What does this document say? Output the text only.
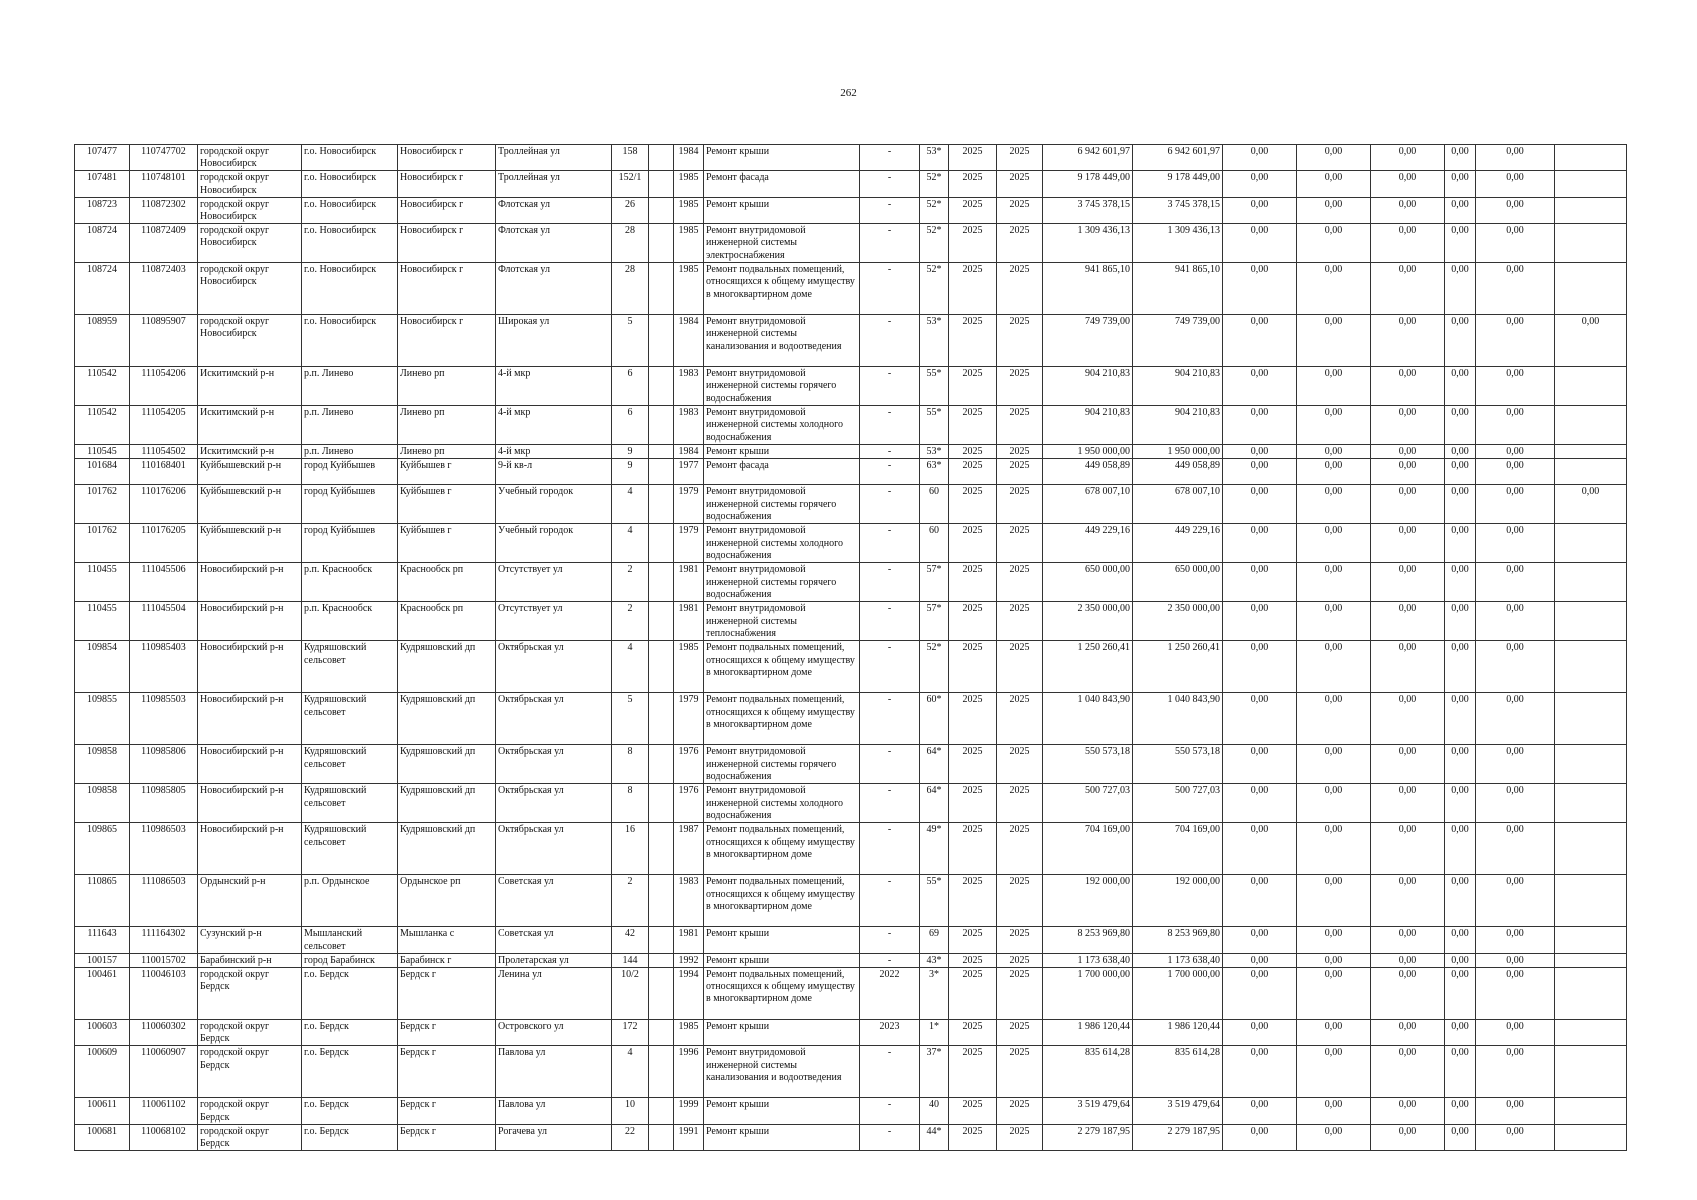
262
107477	110747702	городской округ Новосибирск	г.о. Новосибирск	Новосибирск г	Троллейная ул	158		1984	Ремонт крыши	-	53*	2025	2025	6 942 601,97	6 942 601,97	0,00	0,00	0,00	0,00	0,00	
107481	110748101	городской округ Новосибирск	г.о. Новосибирск	Новосибирск г	Троллейная ул	152/1		1985	Ремонт фасада	-	52*	2025	2025	9 178 449,00	9 178 449,00	0,00	0,00	0,00	0,00	0,00	
108723	110872302	городской округ Новосибирск	г.о. Новосибирск	Новосибирск г	Флотская ул	26		1985	Ремонт крыши	-	52*	2025	2025	3 745 378,15	3 745 378,15	0,00	0,00	0,00	0,00	0,00	
108724	110872409	городской округ Новосибирск	г.о. Новосибирск	Новосибирск г	Флотская ул	28		1985	Ремонт внутридомовой инженерной системы электроснабжения	-	52*	2025	2025	1 309 436,13	1 309 436,13	0,00	0,00	0,00	0,00	0,00	
108724	110872403	городской округ Новосибирск	г.о. Новосибирск	Новосибирск г	Флотская ул	28		1985	Ремонт подвальных помещений, относящихся к общему имуществу в многоквартирном доме	-	52*	2025	2025	941 865,10	941 865,10	0,00	0,00	0,00	0,00	0,00	
108959	110895907	городской округ Новосибирск	г.о. Новосибирск	Новосибирск г	Широкая ул	5		1984	Ремонт внутридомовой инженерной системы канализования и водоотведения	-	53*	2025	2025	749 739,00	749 739,00	0,00	0,00	0,00	0,00	0,00	0,00
110542	111054206	Искитимский р-н	р.п. Линево	Линево рп	4-й мкр	6		1983	Ремонт внутридомовой инженерной системы горячего водоснабжения	-	55*	2025	2025	904 210,83	904 210,83	0,00	0,00	0,00	0,00	0,00	
110542	111054205	Искитимский р-н	р.п. Линево	Линево рп	4-й мкр	6		1983	Ремонт внутридомовой инженерной системы холодного водоснабжения	-	55*	2025	2025	904 210,83	904 210,83	0,00	0,00	0,00	0,00	0,00	
110545	111054502	Искитимский р-н	р.п. Линево	Линево рп	4-й мкр	9		1984	Ремонт крыши	-	53*	2025	2025	1 950 000,00	1 950 000,00	0,00	0,00	0,00	0,00	0,00	
101684	110168401	Куйбышевский р-н	город Куйбышев	Куйбышев г	9-й кв-л	9		1977	Ремонт фасада	-	63*	2025	2025	449 058,89	449 058,89	0,00	0,00	0,00	0,00	0,00	
101762	110176206	Куйбышевский р-н	город Куйбышев	Куйбышев г	Учебный городок	4		1979	Ремонт внутридомовой инженерной системы горячего водоснабжения	-	60	2025	2025	678 007,10	678 007,10	0,00	0,00	0,00	0,00	0,00	0,00
101762	110176205	Куйбышевский р-н	город Куйбышев	Куйбышев г	Учебный городок	4		1979	Ремонт внутридомовой инженерной системы холодного водоснабжения	-	60	2025	2025	449 229,16	449 229,16	0,00	0,00	0,00	0,00	0,00	
110455	111045506	Новосибирский р-н	р.п. Краснообск	Краснообск рп	Отсутствует ул	2		1981	Ремонт внутридомовой инженерной системы горячего водоснабжения	-	57*	2025	2025	650 000,00	650 000,00	0,00	0,00	0,00	0,00	0,00	
110455	111045504	Новосибирский р-н	р.п. Краснообск	Краснообск рп	Отсутствует ул	2		1981	Ремонт внутридомовой инженерной системы теплоснабжения	-	57*	2025	2025	2 350 000,00	2 350 000,00	0,00	0,00	0,00	0,00	0,00	
109854	110985403	Новосибирский р-н	Кудряшовский сельсовет	Кудряшовский дп	Октябрьская ул	4		1985	Ремонт подвальных помещений, относящихся к общему имуществу в многоквартирном доме	-	52*	2025	2025	1 250 260,41	1 250 260,41	0,00	0,00	0,00	0,00	0,00	
109855	110985503	Новосибирский р-н	Кудряшовский сельсовет	Кудряшовский дп	Октябрьская ул	5		1979	Ремонт подвальных помещений, относящихся к общему имуществу в многоквартирном доме	-	60*	2025	2025	1 040 843,90	1 040 843,90	0,00	0,00	0,00	0,00	0,00	
109858	110985806	Новосибирский р-н	Кудряшовский сельсовет	Кудряшовский дп	Октябрьская ул	8		1976	Ремонт внутридомовой инженерной системы горячего водоснабжения	-	64*	2025	2025	550 573,18	550 573,18	0,00	0,00	0,00	0,00	0,00	
109858	110985805	Новосибирский р-н	Кудряшовский сельсовет	Кудряшовский дп	Октябрьская ул	8		1976	Ремонт внутридомовой инженерной системы холодного водоснабжения	-	64*	2025	2025	500 727,03	500 727,03	0,00	0,00	0,00	0,00	0,00	
109865	110986503	Новосибирский р-н	Кудряшовский сельсовет	Кудряшовский дп	Октябрьская ул	16		1987	Ремонт подвальных помещений, относящихся к общему имуществу в многоквартирном доме	-	49*	2025	2025	704 169,00	704 169,00	0,00	0,00	0,00	0,00	0,00	
110865	111086503	Ордынский р-н	р.п. Ордынское	Ордынское рп	Советская ул	2		1983	Ремонт подвальных помещений, относящихся к общему имуществу в многоквартирном доме	-	55*	2025	2025	192 000,00	192 000,00	0,00	0,00	0,00	0,00	0,00	
111643	111164302	Сузунский р-н	Мышланский сельсовет	Мышланка с	Советская ул	42		1981	Ремонт крыши	-	69	2025	2025	8 253 969,80	8 253 969,80	0,00	0,00	0,00	0,00	0,00	
100157	110015702	Барабинский р-н	город Барабинск	Барабинск г	Пролетарская ул	144		1992	Ремонт крыши	-	43*	2025	2025	1 173 638,40	1 173 638,40	0,00	0,00	0,00	0,00	0,00	
100461	110046103	городской округ Бердск	г.о. Бердск	Бердск г	Ленина ул	10/2		1994	Ремонт подвальных помещений, относящихся к общему имуществу в многоквартирном доме	2022	3*	2025	2025	1 700 000,00	1 700 000,00	0,00	0,00	0,00	0,00	0,00	
100603	110060302	городской округ Бердск	г.о. Бердск	Бердск г	Островского ул	172		1985	Ремонт крыши	2023	1*	2025	2025	1 986 120,44	1 986 120,44	0,00	0,00	0,00	0,00	0,00	
100609	110060907	городской округ Бердск	г.о. Бердск	Бердск г	Павлова ул	4		1996	Ремонт внутридомовой инженерной системы канализования и водоотведения	-	37*	2025	2025	835 614,28	835 614,28	0,00	0,00	0,00	0,00	0,00	
100611	110061102	городской округ Бердск	г.о. Бердск	Бердск г	Павлова ул	10		1999	Ремонт крыши	-	40	2025	2025	3 519 479,64	3 519 479,64	0,00	0,00	0,00	0,00	0,00	
100681	110068102	городской округ Бердск	г.о. Бердск	Бердск г	Рогачева ул	22		1991	Ремонт крыши	-	44*	2025	2025	2 279 187,95	2 279 187,95	0,00	0,00	0,00	0,00	0,00	
